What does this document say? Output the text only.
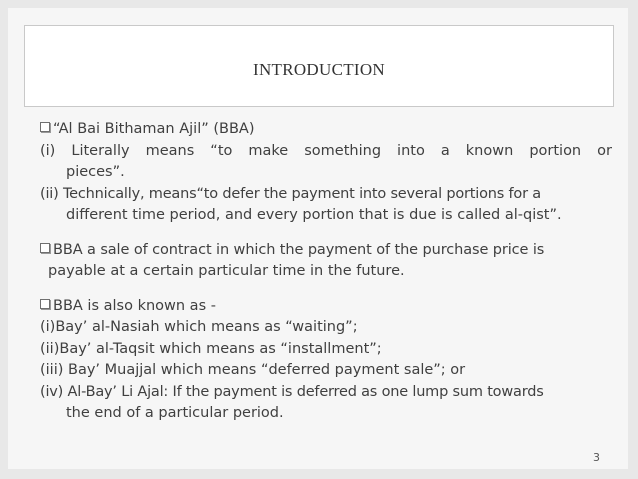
INTRODUCTION
“Al Bai Bithaman Ajil” (BBA)
(i) Literally means “to make something into a known portion or
pieces”.
(ii) Technically, means“to defer the payment into several portions for a
different time period, and every portion that is due is called al-qist”.
BBA a sale of contract in which the payment of the purchase price is
payable at a certain particular time in the future.
BBA is also known as -
(i)Bay’ al-Nasiah which means as “waiting”;
(ii)Bay’ al-Taqsit which means as “installment”;
(iii) Bay’ Muajjal which means “deferred payment sale”; or
(iv) Al-Bay’ Li Ajal: If the payment is deferred as one lump sum towards
the end of a particular period.
3
